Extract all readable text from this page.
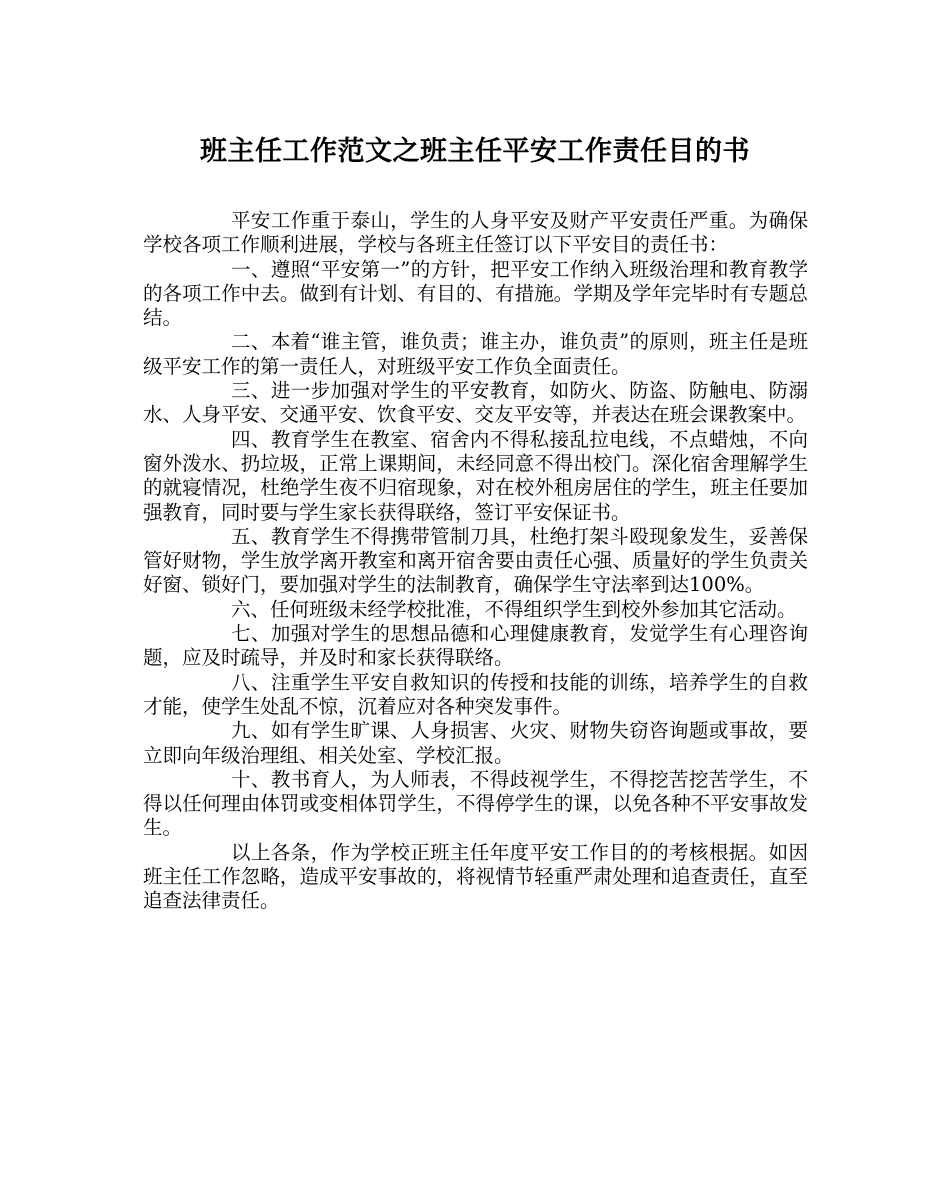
班主任工作范文之班主任平安工作责任目的书

平安工作重于泰山，学生的人身平安及财产平安责任严重。为确保学校各项工作顺利进展，学校与各班主任签订以下平安目的责任书：

一、遵照“平安第一”的方针，把平安工作纳入班级治理和教育教学的各项工作中去。做到有计划、有目的、有措施。学期及学年完毕时有专题总结。

二、本着“谁主管，谁负责；谁主办，谁负责”的原则，班主任是班级平安工作的第一责任人，对班级平安工作负全面责任。

三、进一步加强对学生的平安教育，如防火、防盗、防触电、防溺水、人身平安、交通平安、饮食平安、交友平安等，并表达在班会课教案中。

四、教育学生在教室、宿舍内不得私接乱拉电线，不点蜡烛，不向窗外泼水、扔垃圾，正常上课期间，未经同意不得出校门。深化宿舍理解学生的就寝情况，杜绝学生夜不归宿现象，对在校外租房居住的学生，班主任要加强教育，同时要与学生家长获得联络，签订平安保证书。

五、教育学生不得携带管制刀具，杜绝打架斗殴现象发生，妥善保管好财物，学生放学离开教室和离开宿舍要由责任心强、质量好的学生负责关好窗、锁好门，要加强对学生的法制教育，确保学生守法率到达100%。

六、任何班级未经学校批准，不得组织学生到校外参加其它活动。

七、加强对学生的思想品德和心理健康教育，发觉学生有心理咨询题，应及时疏导，并及时和家长获得联络。

八、注重学生平安自救知识的传授和技能的训练，培养学生的自救才能，使学生处乱不惊，沉着应对各种突发事件。

九、如有学生旷课、人身损害、火灾、财物失窃咨询题或事故，要立即向年级治理组、相关处室、学校汇报。

十、教书育人，为人师表，不得歧视学生，不得挖苦挖苦学生，不得以任何理由体罚或变相体罚学生，不得停学生的课，以免各种不平安事故发生。

以上各条，作为学校正班主任年度平安工作目的的考核根据。如因班主任工作忽略，造成平安事故的，将视情节轻重严肃处理和追查责任，直至追查法律责任。
